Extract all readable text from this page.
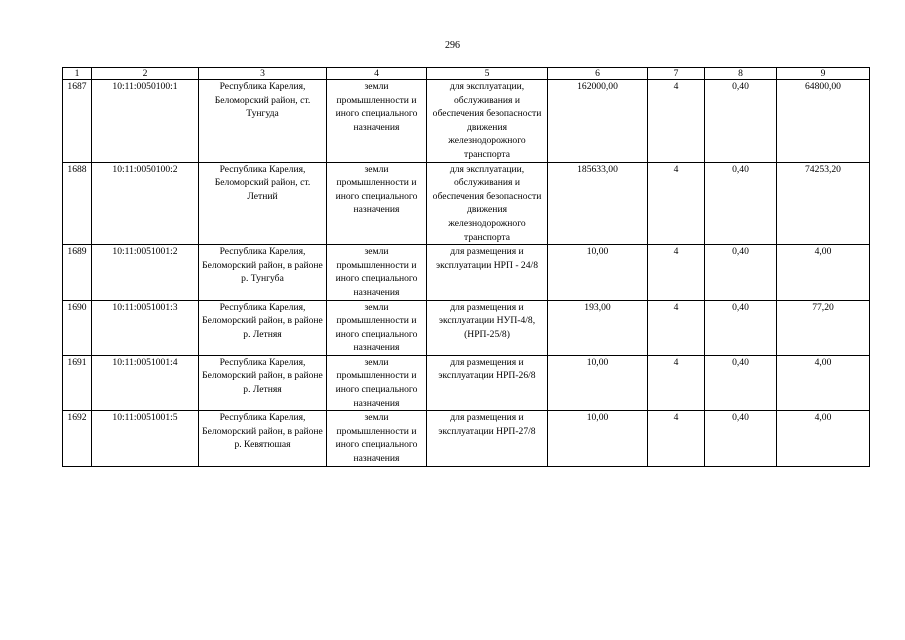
296
1	2	3	4	5	6	7	8	9
1687	10:11:0050100:1	Республика Карелия, Беломорский район, ст. Тунгуда	земли промышленности и иного специального назначения	для эксплуатации, обслуживания и обеспечения безопасности движения железнодорожного транспорта	162000,00	4	0,40	64800,00
1688	10:11:0050100:2	Республика Карелия, Беломорский район, ст. Летний	земли промышленности и иного специального назначения	для эксплуатации, обслуживания и обеспечения безопасности движения железнодорожного транспорта	185633,00	4	0,40	74253,20
1689	10:11:0051001:2	Республика Карелия, Беломорский район, в районе р. Тунгуба	земли промышленности и иного специального назначения	для размещения и эксплуатации НРП - 24/8	10,00	4	0,40	4,00
1690	10:11:0051001:3	Республика Карелия, Беломорский район, в районе р. Летняя	земли промышленности и иного специального назначения	для размещения и эксплуатации НУП-4/8, (НРП-25/8)	193,00	4	0,40	77,20
1691	10:11:0051001:4	Республика Карелия, Беломорский район, в районе р. Летняя	земли промышленности и иного специального назначения	для размещения и эксплуатации НРП-26/8	10,00	4	0,40	4,00
1692	10:11:0051001:5	Республика Карелия, Беломорский район, в районе р. Кевятюшая	земли промышленности и иного специального назначения	для размещения и эксплуатации НРП-27/8	10,00	4	0,40	4,00
